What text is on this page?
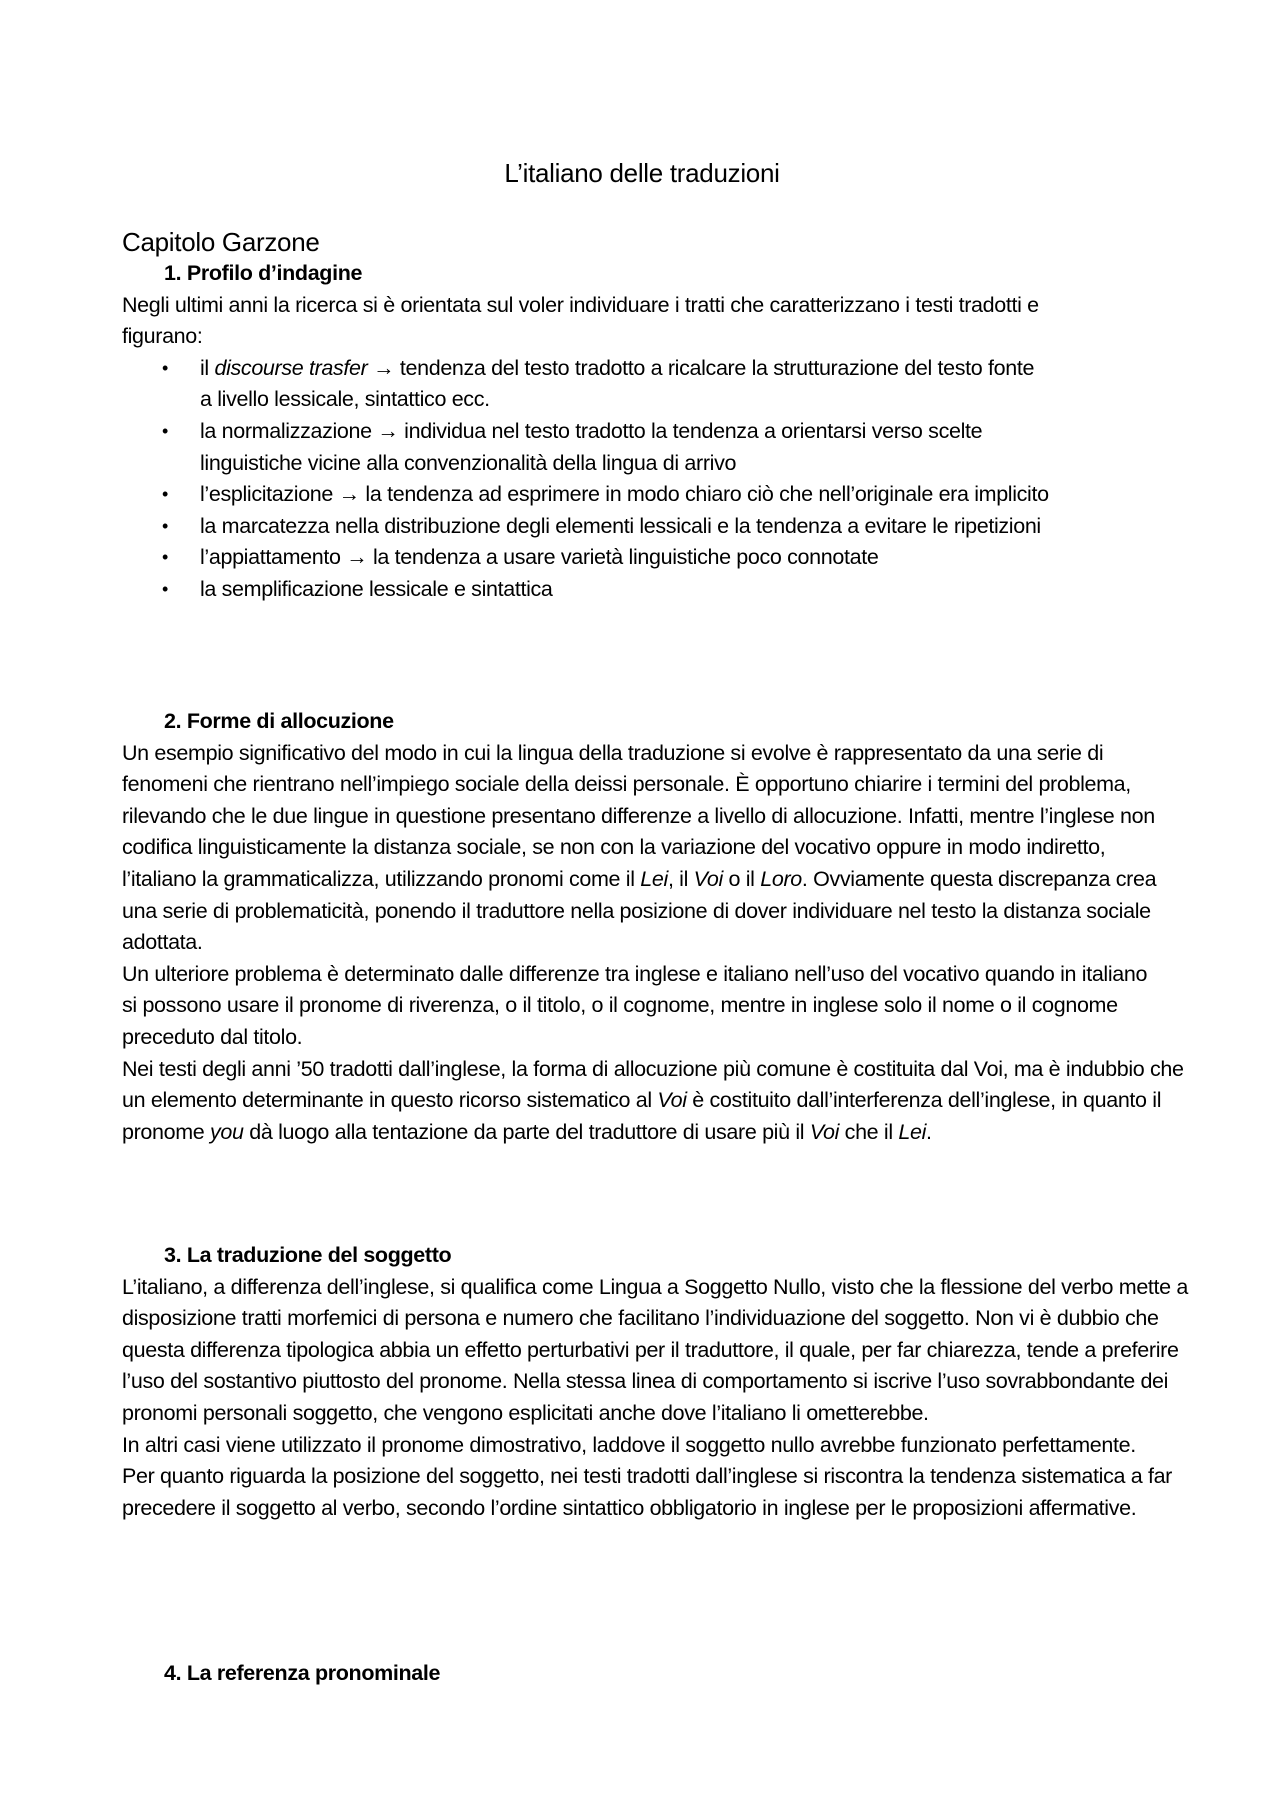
L’italiano delle traduzioni
Capitolo Garzone
1. Profilo d’indagine

Negli ultimi anni la ricerca si è orientata sul voler individuare i tratti che caratterizzano i testi tradotti e figurano:

• il discourse trasfer → tendenza del testo tradotto a ricalcare la strutturazione del testo fonte a livello lessicale, sintattico ecc.
• la normalizzazione → individua nel testo tradotto la tendenza a orientarsi verso scelte linguistiche vicine alla convenzionalità della lingua di arrivo
• l’esplicitazione → la tendenza ad esprimere in modo chiaro ciò che nell’originale era implicito
• la marcatezza nella distribuzione degli elementi lessicali e la tendenza a evitare le ripetizioni
• l’appiattamento → la tendenza a usare varietà linguistiche poco connotate
• la semplificazione lessicale e sintattica
2. Forme di allocuzione

Un esempio significativo del modo in cui la lingua della traduzione si evolve è rappresentato da una serie di fenomeni che rientrano nell’impiego sociale della deissi personale. È opportuno chiarire i termini del problema, rilevando che le due lingue in questione presentano differenze a livello di allocuzione. Infatti, mentre l’inglese non codifica linguisticamente la distanza sociale, se non con la variazione del vocativo oppure in modo indiretto, l’italiano la grammaticalizza, utilizzando pronomi come il Lei, il Voi o il Loro. Ovviamente questa discrepanza crea una serie di problematicità, ponendo il traduttore nella posizione di dover individuare nel testo la distanza sociale adottata.

Un ulteriore problema è determinato dalle differenze tra inglese e italiano nell’uso del vocativo quando in italiano si possono usare il pronome di riverenza, o il titolo, o il cognome, mentre in inglese solo il nome o il cognome preceduto dal titolo.

Nei testi degli anni ’50 tradotti dall’inglese, la forma di allocuzione più comune è costituita dal Voi, ma è indubbio che un elemento determinante in questo ricorso sistematico al Voi è costituito dall’interferenza dell’inglese, in quanto il pronome you dà luogo alla tentazione da parte del traduttore di usare più il Voi che il Lei.

3. La traduzione del soggetto

L’italiano, a differenza dell’inglese, si qualifica come Lingua a Soggetto Nullo, visto che la flessione del verbo mette a disposizione tratti morfemici di persona e numero che facilitano l’individuazione del soggetto. Non vi è dubbio che questa differenza tipologica abbia un effetto perturbativi per il traduttore, il quale, per far chiarezza, tende a preferire l’uso del sostantivo piuttosto del pronome. Nella stessa linea di comportamento si iscrive l’uso sovrabbondante dei pronomi personali soggetto, che vengono esplicitati anche dove l’italiano li ometterebbe.

In altri casi viene utilizzato il pronome dimostrativo, laddove il soggetto nullo avrebbe funzionato perfettamente.

Per quanto riguarda la posizione del soggetto, nei testi tradotti dall’inglese si riscontra la tendenza sistematica a far precedere il soggetto al verbo, secondo l’ordine sintattico obbligatorio in inglese per le proposizioni affermative.

4. La referenza pronominale
